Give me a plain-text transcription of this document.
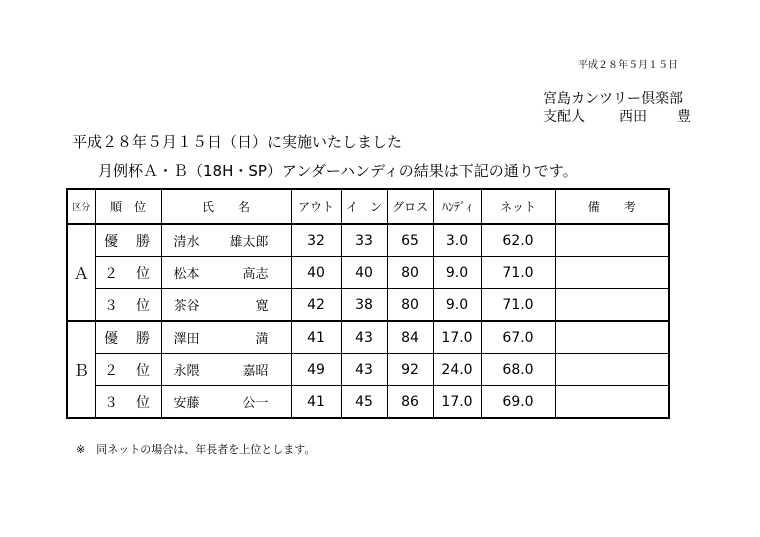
平成２８年５月１５日
宮島カンツリー倶楽部
支配人 西田 豊
平成２８年５月１５日（日）に実施いたしました
月例杯Ａ・Ｂ（18H・SP）アンダーハンディの結果は下記の通りです。
区分	順　位	氏　　名	アウト	イ　ン	グロス	ﾊﾝﾃﾞｨ	ネット	備　　考
Ａ	優　勝	清水 雄太郎	32	33	65	3.0	62.0	
	２　位	松本 高志	40	40	80	9.0	71.0	
	３　位	茶谷 寛	42	38	80	9.0	71.0	
Ｂ	優　勝	澤田 満	41	43	84	17.0	67.0	
	２　位	永隈 嘉昭	49	43	92	24.0	68.0	
	３　位	安藤 公一	41	45	86	17.0	69.0	
※　同ネットの場合は、年長者を上位とします。
